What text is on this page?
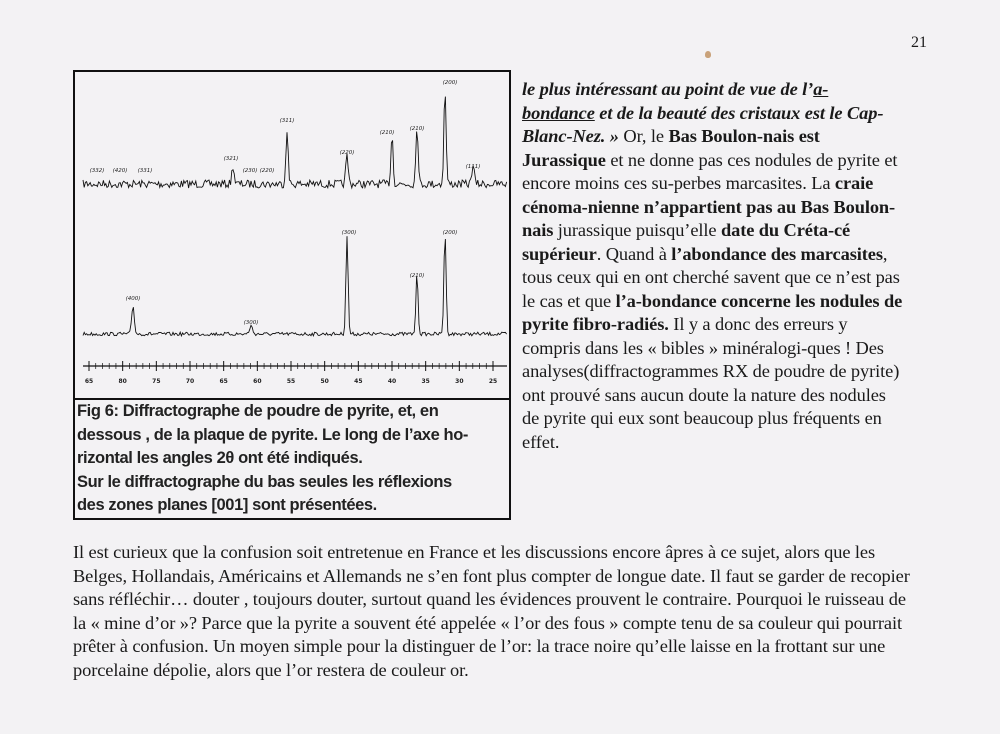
21
65	80	75	70	65	60	55	50	45	40	35	30	25
(332) (420) (331)
(321)
(230) (220)
(311)
(220)
(210)
(210)
(200)
(111)
(400)
(300)
(300)
(210)
(200)

Fig 6: Diffractographe de poudre de pyrite, et, en

dessous , de la plaque de pyrite. Le long de l’axe ho-

rizontal les angles 2θ ont été indiqués.

Sur le diffractographe du bas seules les réflexions

des zones planes [001] sont présentées.

le plus intéressant au point de vue de l’a- bondance et de la beauté des cristaux est le Cap-Blanc-Nez. » Or, le Bas Boulon-nais est Jurassique et ne donne pas ces nodules de pyrite et encore moins ces su-perbes marcasites. La craie cénoma-nienne n’appartient pas au Bas Boulon-nais jurassique puisqu’elle date du Créta-cé supérieur. Quand à l’abondance des marcasites, tous ceux qui en ont cherché savent que ce n’est pas le cas et que l’a-bondance concerne les nodules de pyrite fibro-radiés. Il y a donc des erreurs y compris dans les « bibles » minéralogi-ques ! Des analyses(diffractogrammes RX de poudre de pyrite) ont prouvé sans aucun doute la nature des nodules de pyrite qui eux sont beaucoup plus fréquents en effet.

Il est curieux que la confusion soit entretenue en France et les discussions encore âpres à ce sujet, alors que les Belges, Hollandais, Américains et Allemands ne s’en font plus compter de longue date. Il faut se garder de recopier sans réfléchir… douter , toujours douter, surtout quand les évidences prouvent le contraire. Pourquoi le ruisseau de la « mine d’or »? Parce que la pyrite a souvent été appelée « l’or des fous » compte tenu de sa couleur qui pourrait prêter à confusion. Un moyen simple pour la distinguer de l’or: la trace noire qu’elle laisse en la frottant sur une porcelaine dépolie, alors que l’or restera de couleur or.
